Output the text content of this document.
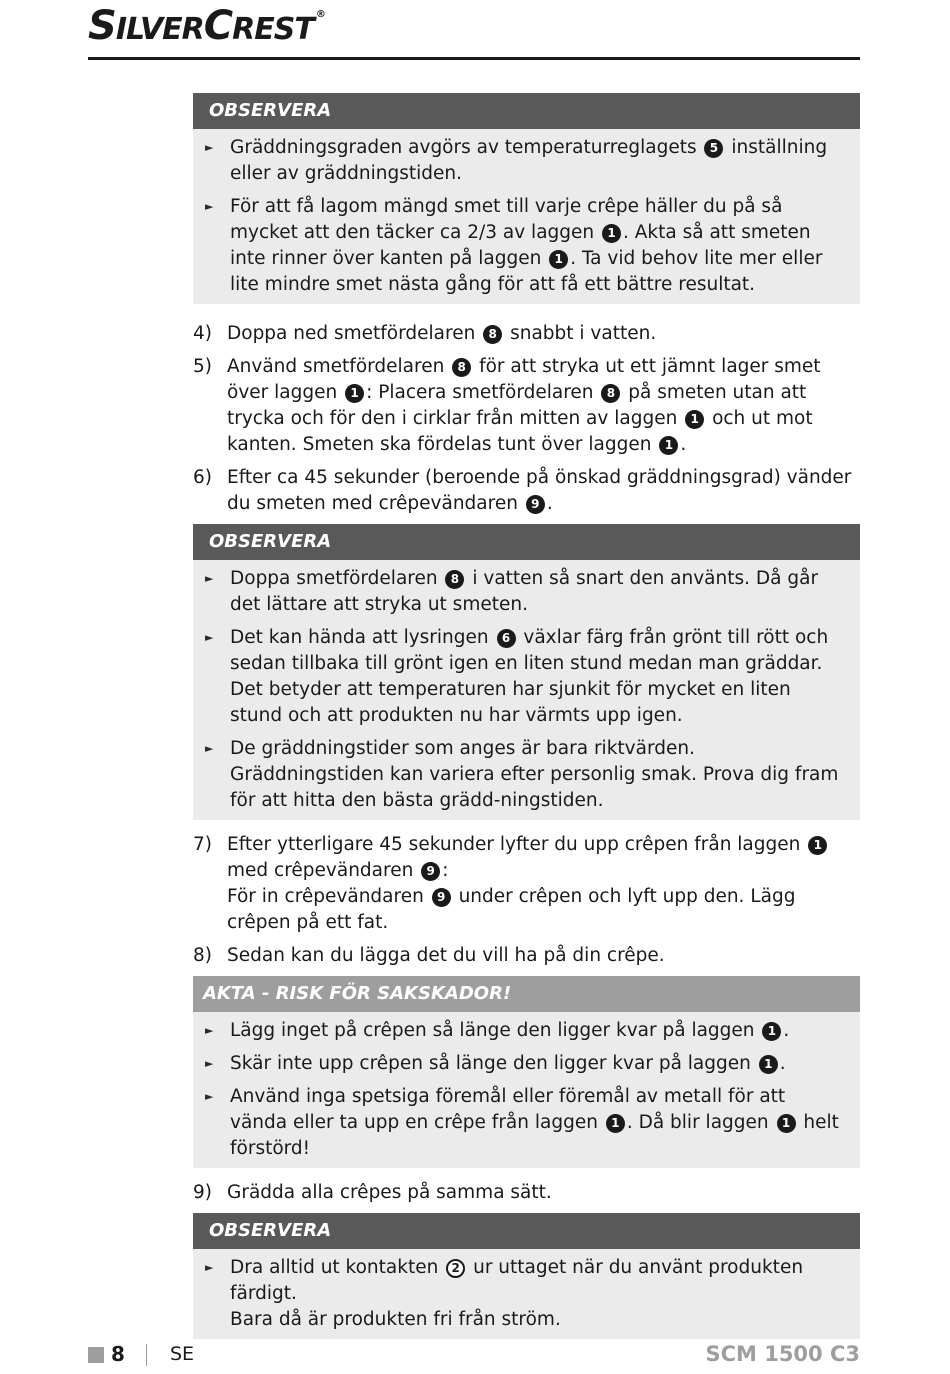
SILVERCREST ®
OBSERVERA
► Gräddningsgraden avgörs av temperaturreglagets 5 inställning eller av gräddningstiden.
► För att få lagom mängd smet till varje crêpe häller du på så mycket att den täcker ca 2/3 av laggen 1 . Akta så att smeten inte rinner över kanten på laggen 1 . Ta vid behov lite mer eller lite mindre smet nästa gång för att få ett bättre resultat.
4) Doppa ned smetfördelaren 8 snabbt i vatten.
5) Använd smetfördelaren 8 för att stryka ut ett jämnt lager smet över laggen 1 : Placera smetfördelaren 8 på smeten utan att trycka och för den i cirklar från mitten av laggen 1 och ut mot kanten. Smeten ska fördelas tunt över laggen 1 .
6) Efter ca 45 sekunder (beroende på önskad gräddningsgrad) vänder du smeten med crêpevändaren 9 .
OBSERVERA
► Doppa smetfördelaren 8 i vatten så snart den använts. Då går det lättare att stryka ut smeten.
► Det kan hända att lysringen 6 växlar färg från grönt till rött och sedan tillbaka till grönt igen en liten stund medan man gräddar. Det betyder att temperaturen har sjunkit för mycket en liten stund och att produkten nu har värmts upp igen.
► De gräddningstider som anges är bara riktvärden. Gräddningstiden kan variera efter personlig smak. Prova dig fram för att hitta den bästa grädd-ningstiden.
7) Efter ytterligare 45 sekunder lyfter du upp crêpen från laggen 1 med crêpevändaren 9 :
För in crêpevändaren 9 under crêpen och lyft upp den. Lägg crêpen på ett fat.
8) Sedan kan du lägga det du vill ha på din crêpe.
AKTA - RISK FÖR SAKSKADOR!
► Lägg inget på crêpen så länge den ligger kvar på laggen 1 .
► Skär inte upp crêpen så länge den ligger kvar på laggen 1 .
► Använd inga spetsiga föremål eller föremål av metall för att vända eller ta upp en crêpe från laggen 1 . Då blir laggen 1 helt förstörd!
9) Grädda alla crêpes på samma sätt.
OBSERVERA
► Dra alltid ut kontakten 2 ur uttaget när du använt produkten färdigt.
Bara då är produkten fri från ström.
8 SE	SCM 1500 C3
